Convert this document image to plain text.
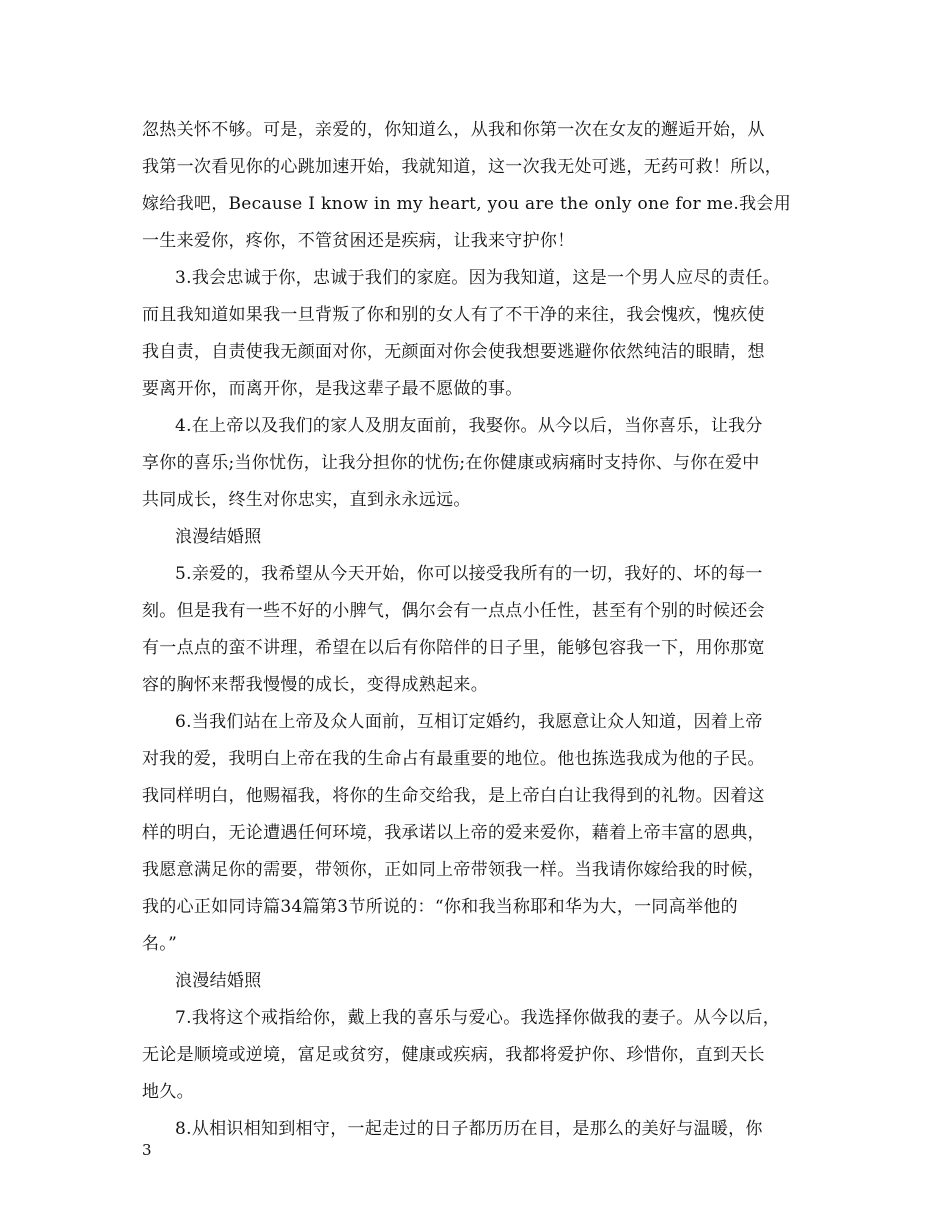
忽热关怀不够。可是，亲爱的，你知道么，从我和你第一次在女友的邂逅开始，从
我第一次看见你的心跳加速开始，我就知道，这一次我无处可逃，无药可救！所以，
嫁给我吧，Because I know in my heart, you are the only one for me.我会用
一生来爱你，疼你，不管贫困还是疾病，让我来守护你！
3.我会忠诚于你，忠诚于我们的家庭。因为我知道，这是一个男人应尽的责任。
而且我知道如果我一旦背叛了你和别的女人有了不干净的来往，我会愧疚，愧疚使
我自责，自责使我无颜面对你，无颜面对你会使我想要逃避你依然纯洁的眼睛，想
要离开你，而离开你，是我这辈子最不愿做的事。
4.在上帝以及我们的家人及朋友面前，我娶你。从今以后，当你喜乐，让我分
享你的喜乐;当你忧伤，让我分担你的忧伤;在你健康或病痛时支持你、与你在爱中
共同成长，终生对你忠实，直到永永远远。
浪漫结婚照
5.亲爱的，我希望从今天开始，你可以接受我所有的一切，我好的、坏的每一
刻。但是我有一些不好的小脾气，偶尔会有一点点小任性，甚至有个别的时候还会
有一点点的蛮不讲理，希望在以后有你陪伴的日子里，能够包容我一下，用你那宽
容的胸怀来帮我慢慢的成长，变得成熟起来。
6.当我们站在上帝及众人面前，互相订定婚约，我愿意让众人知道，因着上帝
对我的爱，我明白上帝在我的生命占有最重要的地位。他也拣选我成为他的子民。
我同样明白，他赐福我，将你的生命交给我，是上帝白白让我得到的礼物。因着这
样的明白，无论遭遇任何环境，我承诺以上帝的爱来爱你，藉着上帝丰富的恩典，
我愿意满足你的需要，带领你，正如同上帝带领我一样。当我请你嫁给我的时候，
我的心正如同诗篇34篇第3节所说的：“你和我当称耶和华为大，一同高举他的
名。”
浪漫结婚照
7.我将这个戒指给你，戴上我的喜乐与爱心。我选择你做我的妻子。从今以后，
无论是顺境或逆境，富足或贫穷，健康或疾病，我都将爱护你、珍惜你，直到天长
地久。
8.从相识相知到相守，一起走过的日子都历历在目，是那么的美好与温暖，你
3
